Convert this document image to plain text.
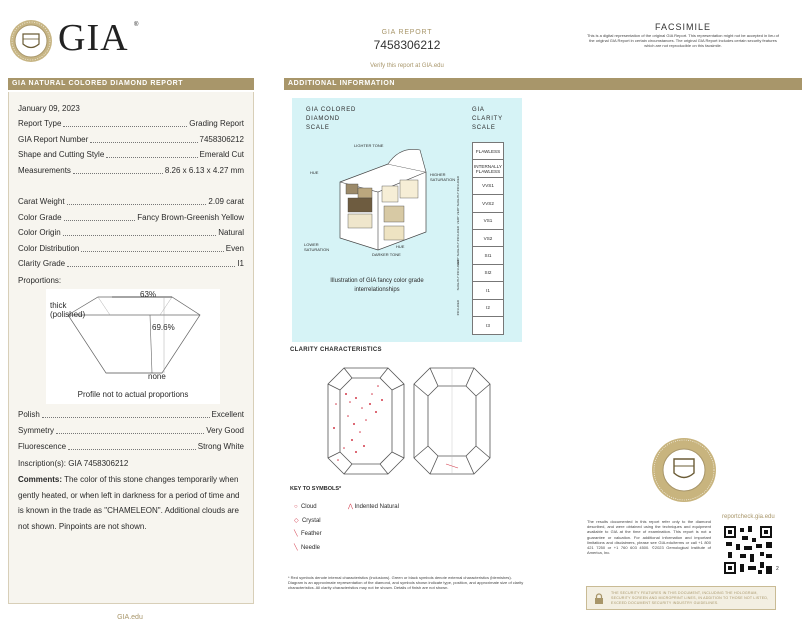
GIA ®
GIA REPORT
7458306212
Verify this report at GIA.edu
FACSIMILE
This is a digital representation of the original GIA Report. This representation might not be accepted in lieu of the original GIA Report in certain circumstances. The original GIA Report includes certain security features which are not reproducible on this facsimile.
GIA NATURAL COLORED DIAMOND REPORT
January 09, 2023
Report Type	Grading Report
GIA Report Number	7458306212
Shape and Cutting Style	Emerald Cut
Measurements	8.26 x 6.13 x 4.27 mm
Carat Weight	2.09 carat
Color Grade	Fancy Brown-Greenish Yellow
Color Origin	Natural
Color Distribution	Even
Clarity Grade	I1
Proportions:
63%
69.6%
thick
(polished)
none
Profile not to actual proportions
Polish	Excellent
Symmetry	Very Good
Fluorescence	Strong White
Inscription(s): GIA 7458306212
Comments: The color of this stone changes temporarily when gently heated, or when left in darkness for a period of time and is known in the trade as "CHAMELEON". Additional clouds are not shown. Pinpoints are not shown.
GIA.edu
ADDITIONAL INFORMATION
GIA COLORED
DIAMOND
SCALE
GIA
CLARITY
SCALE
LIGHTER TONE
DARKER TONE
HUE
HUE
HIGHER SATURATION
LOWER SATURATION
Illustration of GIA fancy color grade interrelationships
VERY VERY SLIGHTLY INCLUDED
VERY SLIGHTLY INCLUDED
SLIGHTLY INCLUDED
INCLUDED
FLAWLESS
INTERNALLY FLAWLESS
VVS1
VVS2
VS1
VS2
SI1
SI2
I1
I2
I3
CLARITY CHARACTERISTICS
KEY TO SYMBOLS*
○ Cloud
◇ Crystal
╲ Feather
╲ Needle
⋀ Indented Natural
* Red symbols denote internal characteristics (inclusions). Green or black symbols denote external characteristics (blemishes). Diagram is an approximate representation of the diamond, and symbols shown indicate type, position, and approximate size of clarity characteristics. All clarity characteristics may not be shown. Details of finish are not shown.
The results documented in this report refer only to the diamond described, and were obtained using the techniques and equipment available to GIA at the time of examination. This report is not a guarantee or valuation. For additional information and important limitations and disclaimers, please see GIA.edu/terms or call +1 800 421 7250 or +1 760 603 4500. ©2023 Gemological Institute of America, Inc.
reportcheck.gia.edu
2
THE SECURITY FEATURES IN THIS DOCUMENT, INCLUDING THE HOLOGRAM, SECURITY SCREEN AND MICROPRINT LINES, IN ADDITION TO THOSE NOT LISTED, EXCEED DOCUMENT SECURITY INDUSTRY GUIDELINES.
